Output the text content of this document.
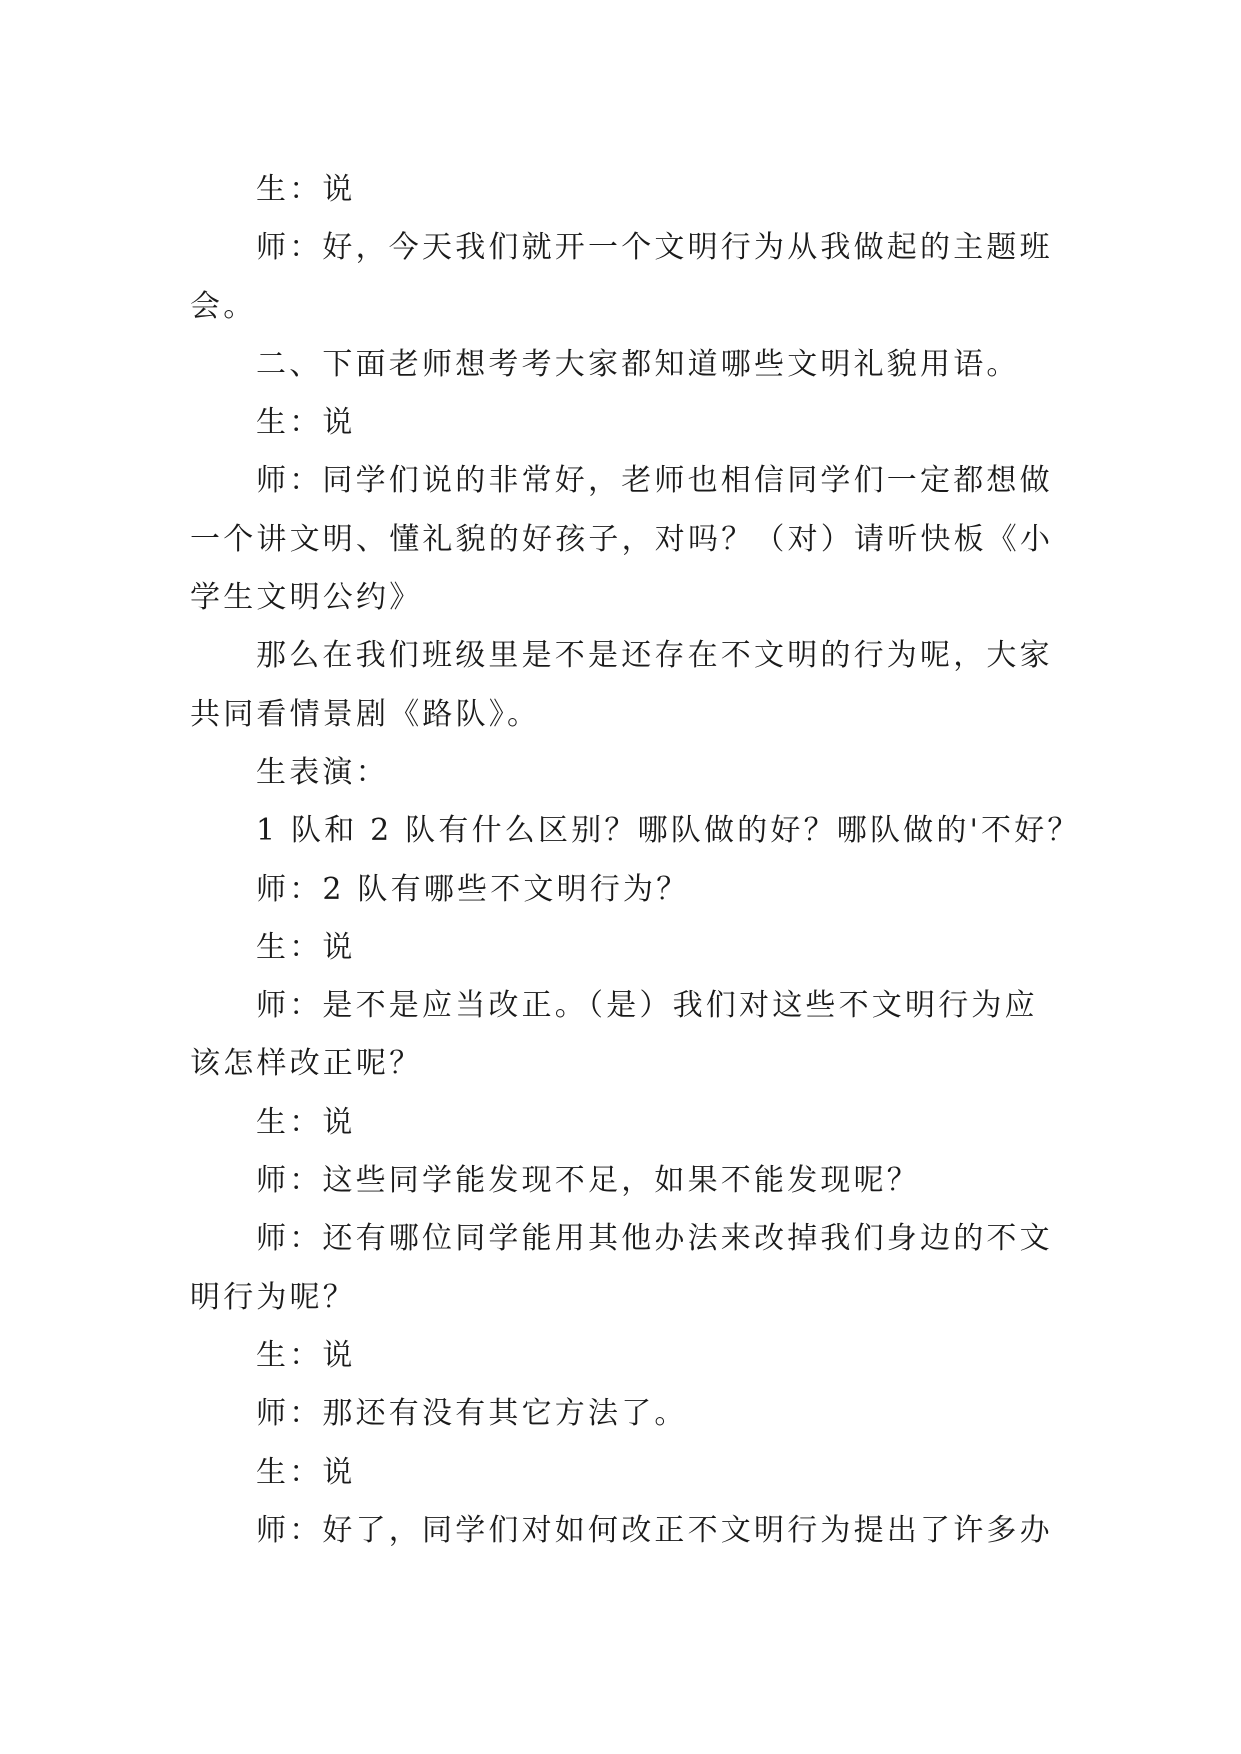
生：说
师：好，今天我们就开一个文明行为从我做起的主题班
会。
二、下面老师想考考大家都知道哪些文明礼貌用语。
生：说
师：同学们说的非常好，老师也相信同学们一定都想做
一个讲文明、懂礼貌的好孩子，对吗？（对）请听快板《小
学生文明公约》
那么在我们班级里是不是还存在不文明的行为呢，大家
共同看情景剧《路队》。
生表演：
1 队和 2 队有什么区别？哪队做的好？哪队做的'不好？
师：2 队有哪些不文明行为？
生：说
师：是不是应当改正。（是）我们对这些不文明行为应
该怎样改正呢？
生：说
师：这些同学能发现不足，如果不能发现呢？
师：还有哪位同学能用其他办法来改掉我们身边的不文
明行为呢？
生：说
师：那还有没有其它方法了。
生：说
师：好了，同学们对如何改正不文明行为提出了许多办
